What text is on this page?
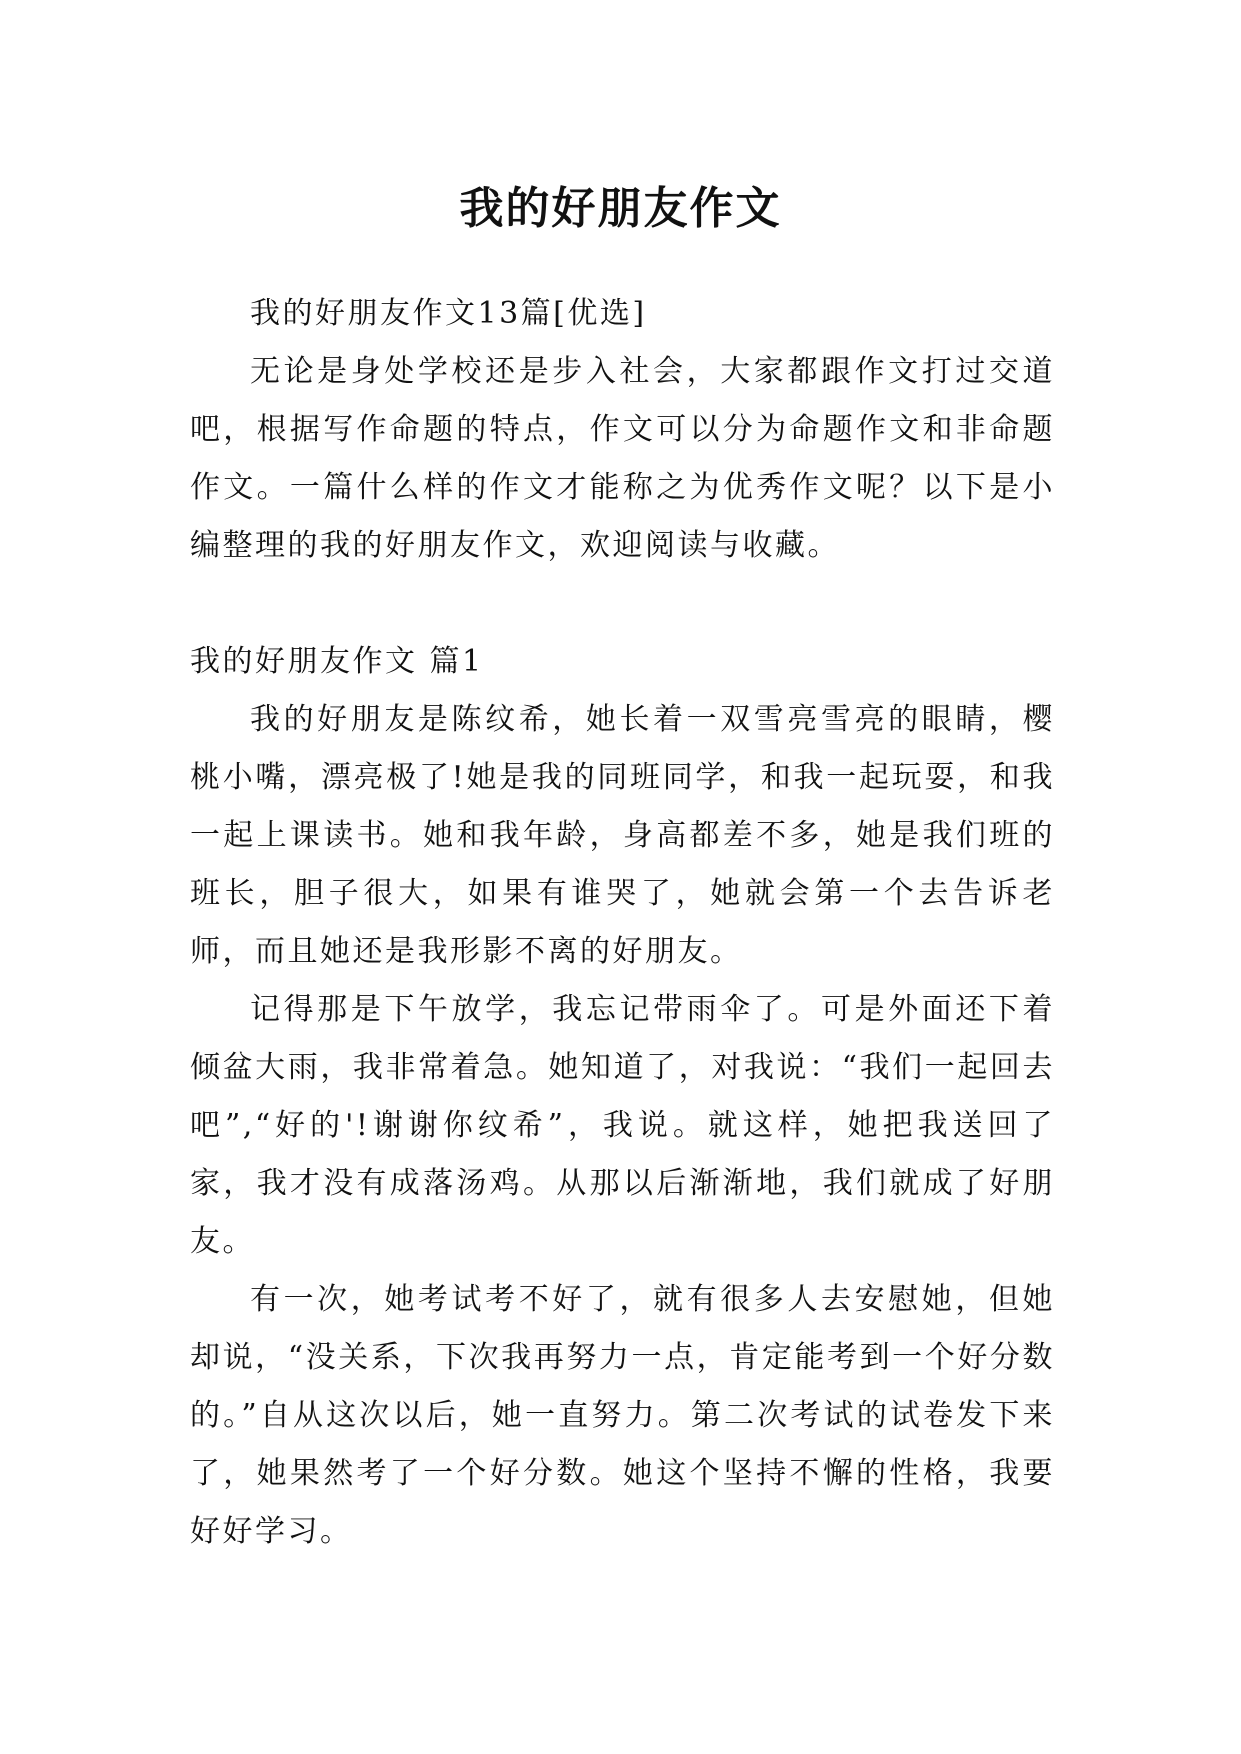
我的好朋友作文

我的好朋友作文13篇[优选]

无论是身处学校还是步入社会，大家都跟作文打过交道吧，根据写作命题的特点，作文可以分为命题作文和非命题作文。一篇什么样的作文才能称之为优秀作文呢？以下是小编整理的我的好朋友作文，欢迎阅读与收藏。

我的好朋友作文 篇1

我的好朋友是陈纹希，她长着一双雪亮雪亮的眼睛，樱桃小嘴，漂亮极了!她是我的同班同学，和我一起玩耍，和我一起上课读书。她和我年龄，身高都差不多，她是我们班的班长，胆子很大，如果有谁哭了，她就会第一个去告诉老师，而且她还是我形影不离的好朋友。

记得那是下午放学，我忘记带雨伞了。可是外面还下着倾盆大雨，我非常着急。她知道了，对我说：“我们一起回去吧”,“好的'!谢谢你纹希”，我说。就这样，她把我送回了家，我才没有成落汤鸡。从那以后渐渐地，我们就成了好朋友。

有一次，她考试考不好了，就有很多人去安慰她，但她却说，“没关系，下次我再努力一点，肯定能考到一个好分数的。”自从这次以后，她一直努力。第二次考试的试卷发下来了，她果然考了一个好分数。她这个坚持不懈的性格，我要好好学习。
